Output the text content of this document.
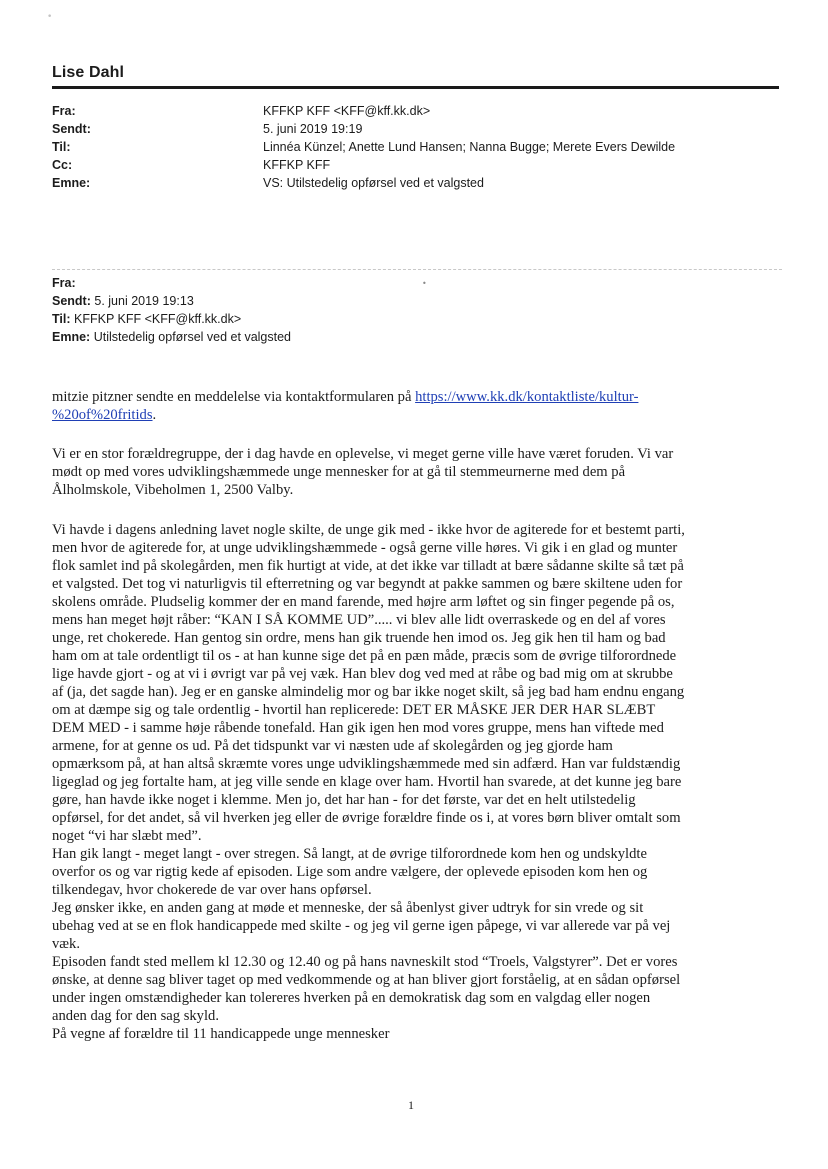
•
Lise Dahl
Fra:	KFFKP KFF <KFF@kff.kk.dk>
Sendt:	5. juni 2019 19:19
Til:	Linnéa Künzel; Anette Lund Hansen; Nanna Bugge; Merete Evers Dewilde
Cc:	KFFKP KFF
Emne:	VS: Utilstedelig opførsel ved et valgsted
Fra:
Sendt: 5. juni 2019 19:13
Til: KFFKP KFF <KFF@kff.kk.dk>
Emne: Utilstedelig opførsel ved et valgsted
•
mitzie pitzner sendte en meddelelse via kontaktformularen på https://www.kk.dk/kontaktliste/kultur-
%20of%20fritids.
Vi er en stor forældregruppe, der i dag havde en oplevelse, vi meget gerne ville have været foruden. Vi var
mødt op med vores udviklingshæmmede unge mennesker for at gå til stemmeurnerne med dem på
Ålholmskole, Vibeholmen 1, 2500 Valby.
Vi havde i dagens anledning lavet nogle skilte, de unge gik med - ikke hvor de agiterede for et bestemt parti,
men hvor de agiterede for, at unge udviklingshæmmede - også gerne ville høres. Vi gik i en glad og munter
flok samlet ind på skolegården, men fik hurtigt at vide, at det ikke var tilladt at bære sådanne skilte så tæt på
et valgsted. Det tog vi naturligvis til efterretning og var begyndt at pakke sammen og bære skiltene uden for
skolens område. Pludselig kommer der en mand farende, med højre arm løftet og sin finger pegende på os,
mens han meget højt råber: “KAN I SÅ KOMME UD”..... vi blev alle lidt overraskede og en del af vores
unge, ret chokerede. Han gentog sin ordre, mens han gik truende hen imod os. Jeg gik hen til ham og bad
ham om at tale ordentligt til os - at han kunne sige det på en pæn måde, præcis som de øvrige tilforordnede
lige havde gjort - og at vi i øvrigt var på vej væk. Han blev dog ved med at råbe og bad mig om at skrubbe
af (ja, det sagde han). Jeg er en ganske almindelig mor og bar ikke noget skilt, så jeg bad ham endnu engang
om at dæmpe sig og tale ordentlig - hvortil han replicerede: DET ER MÅSKE JER DER HAR SLÆBT
DEM MED - i samme høje råbende tonefald. Han gik igen hen mod vores gruppe, mens han viftede med
armene, for at genne os ud. På det tidspunkt var vi næsten ude af skolegården og jeg gjorde ham
opmærksom på, at han altså skræmte vores unge udviklingshæmmede med sin adfærd. Han var fuldstændig
ligeglad og jeg fortalte ham, at jeg ville sende en klage over ham. Hvortil han svarede, at det kunne jeg bare
gøre, han havde ikke noget i klemme. Men jo, det har han - for det første, var det en helt utilstedelig
opførsel, for det andet, så vil hverken jeg eller de øvrige forældre finde os i, at vores børn bliver omtalt som
noget “vi har slæbt med”.
Han gik langt - meget langt - over stregen. Så langt, at de øvrige tilforordnede kom hen og undskyldte
overfor os og var rigtig kede af episoden. Lige som andre vælgere, der oplevede episoden kom hen og
tilkendegav, hvor chokerede de var over hans opførsel.
Jeg ønsker ikke, en anden gang at møde et menneske, der så åbenlyst giver udtryk for sin vrede og sit
ubehag ved at se en flok handicappede med skilte - og jeg vil gerne igen påpege, vi var allerede var på vej
væk.
Episoden fandt sted mellem kl 12.30 og 12.40 og på hans navneskilt stod “Troels, Valgstyrer”. Det er vores
ønske, at denne sag bliver taget op med vedkommende og at han bliver gjort forståelig, at en sådan opførsel
under ingen omstændigheder kan tolereres hverken på en demokratisk dag som en valgdag eller nogen
anden dag for den sag skyld.
På vegne af forældre til 11 handicappede unge mennesker
1
